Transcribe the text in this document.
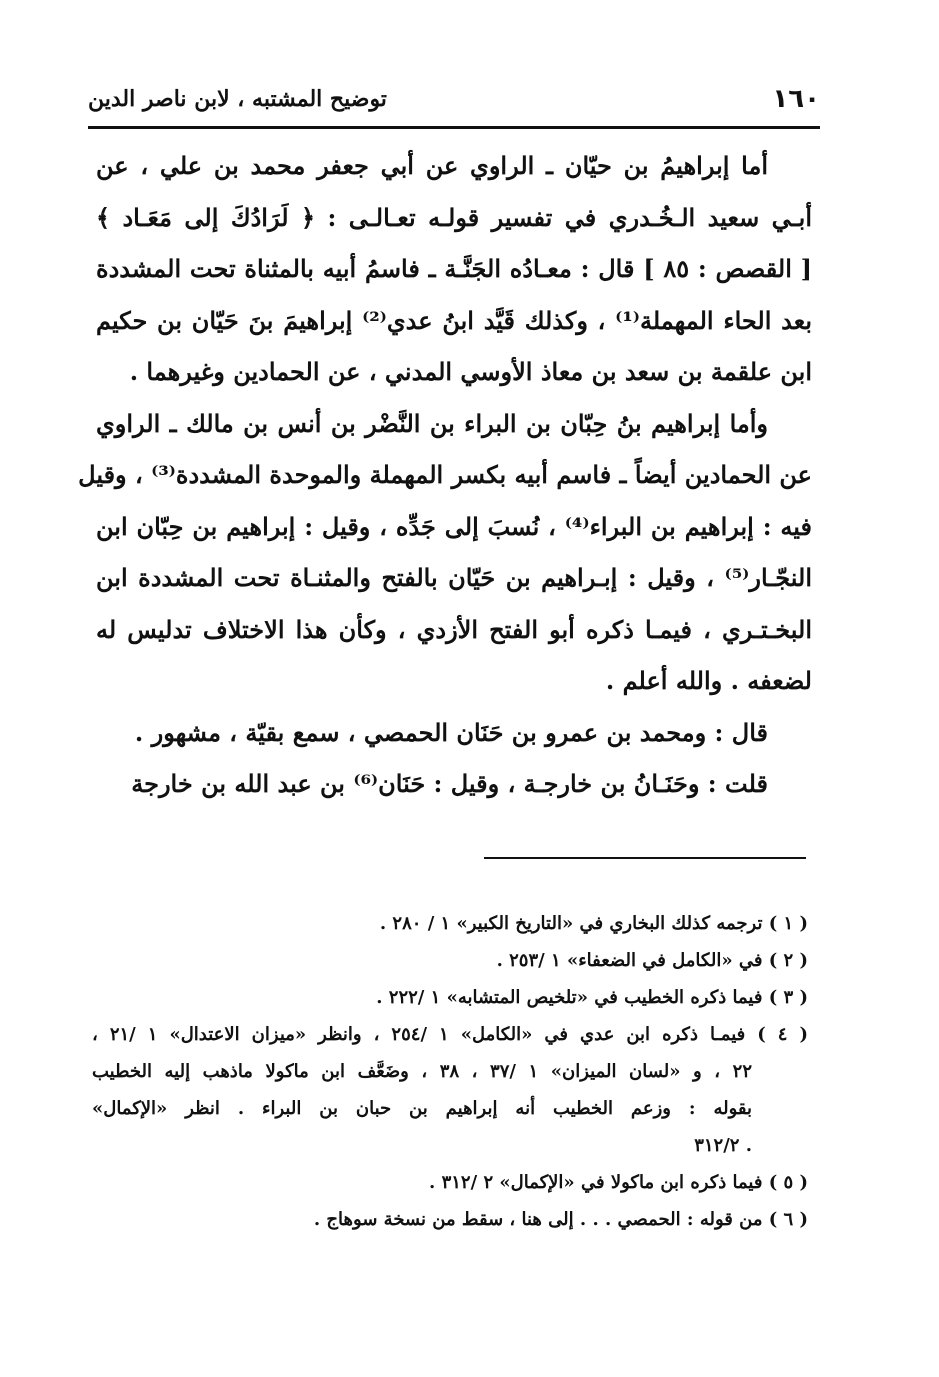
١٦٠
توضيح المشتبه ، لابن ناصر الدين
أما إبراهيمُ بن حيّان ـ الراوي عن أبي جعفر محمد بن علي ، عن
أبـي سعيد الـخُـدري في تفسير قولـه تعـالـى : ﴿ لَرَادُكَ إلى مَعَـاد ﴾
[ القصص : ٨٥ ] قال : معـادُه الجَنَّـة ـ فاسمُ أبيه بالمثناة تحت المشددة
بعد الحاء المهملة⁽¹⁾ ، وكذلك قَيَّد ابنُ عدي⁽²⁾ إبراهيمَ بنَ حَيّان بن حكيم
ابن علقمة بن سعد بن معاذ الأوسي المدني ، عن الحمادين وغيرهما .
وأما إبراهيم بنُ حِبّان بن البراء بن النَّضْر بن أنس بن مالك ـ الراوي
عن الحمادين أيضاً ـ فاسم أبيه بكسر المهملة والموحدة المشددة⁽³⁾ ، وقيل
فيه : إبراهيم بن البراء⁽⁴⁾ ، نُسبَ إلى جَدِّه ، وقيل : إبراهيم بن حِبّان ابن
النجّـار⁽⁵⁾ ، وقيل : إبـراهيم بن حَيّان بالفتح والمثنـاة تحت المشددة ابن
البخـتـري ، فيمـا ذكره أبو الفتح الأزدي ، وكأن هذا الاختلاف تدليس له
لضعفه . والله أعلم .
قال : ومحمد بن عمرو بن حَنَان الحمصي ، سمع بقيّة ، مشهور .
قلت : وحَنَـانُ بن خارجـة ، وقيل : حَنَان⁽⁶⁾ بن عبد الله بن خارجة
( ١ ) ترجمه كذلك البخاري في «التاريخ الكبير» ١ / ٢٨٠ .
( ٢ ) في «الكامل في الضعفاء» ١ /٢٥٣ .
( ٣ ) فيما ذكره الخطيب في «تلخيص المتشابه» ١ /٢٢٢ .
( ٤ ) فيمـا ذكره ابن عدي في «الكامل» ١ /٢٥٤ ، وانظر «ميزان الاعتدال» ١ /٢١ ،
٢٢ ، و «لسان الميزان» ١ /٣٧ ، ٣٨ ، وضَعَّف ابن ماكولا ماذهب إليه الخطيب
بقوله : وزعم الخطيب أنه إبراهيم بن حبان بن البراء . انظر «الإكمال»
. ٣١٢/٢
( ٥ ) فيما ذكره ابن ماكولا في «الإكمال» ٢ /٣١٢ .
( ٦ ) من قوله : الحمصي . . . إلى هنا ، سقط من نسخة سوهاج .
